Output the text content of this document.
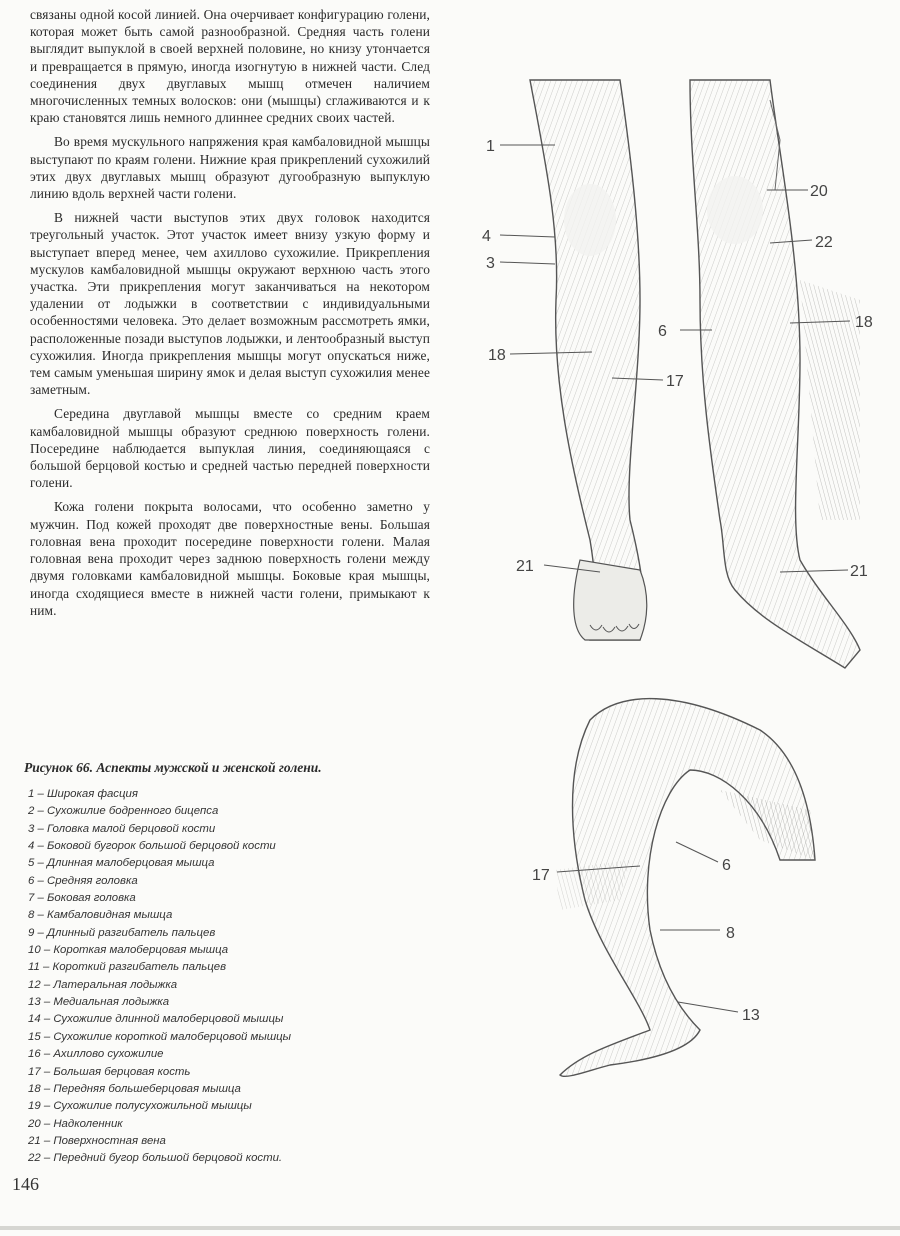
связаны одной косой линией. Она очерчивает конфигурацию голени, которая может быть самой разнообразной. Средняя часть голени выглядит выпуклой в своей верхней половине, но книзу утончается и превращается в прямую, иногда изогнутую в нижней части. След соединения двух двуглавых мышц отмечен наличием многочисленных темных волосков: они (мышцы) сглаживаются и к краю становятся лишь немного длиннее средних своих частей.

Во время мускульного напряжения края камбаловидной мышцы выступают по краям голени. Нижние края прикреплений сухожилий этих двух двуглавых мышц образуют дугообразную выпуклую линию вдоль верхней части голени.

В нижней части выступов этих двух головок находится треугольный участок. Этот участок имеет внизу узкую форму и выступает вперед менее, чем ахиллово сухожилие. Прикрепления мускулов камбаловидной мышцы окружают верхнюю часть этого участка. Эти прикрепления могут заканчиваться на некотором удалении от лодыжки в соответствии с индивидуальными особенностями человека. Это делает возможным рассмотреть ямки, расположенные позади выступов лодыжки, и лентообразный выступ сухожилия. Иногда прикрепления мышцы могут опускаться ниже, тем самым уменьшая ширину ямок и делая выступ сухожилия менее заметным.

Середина двуглавой мышцы вместе со средним краем камбаловидной мышцы образуют среднюю поверхность голени. Посередине наблюдается выпуклая линия, соединяющаяся с большой берцовой костью и средней частью передней поверхности голени.

Кожа голени покрыта волосами, что особенно заметно у мужчин. Под кожей проходят две поверхностные вены. Большая головная вена проходит посередине поверхности голени. Малая головная вена проходит через заднюю поверхность голени между двумя головками камбаловидной мышцы. Боковые края мышцы, иногда сходящиеся вместе в нижней части голени, примыкают к ним.

1
4
3
18
17
21
20
22
6
18
21
17
6
8
13
Рисунок 66. Аспекты мужской и женской голени.
1 – Широкая фасция
2 – Сухожилие бодренного бицепса
3 – Головка малой берцовой кости
4 – Боковой бугорок большой берцовой кости
5 – Длинная малоберцовая мышца
6 – Средняя головка
7 – Боковая головка
8 – Камбаловидная мышца
9 – Длинный разгибатель пальцев
10 – Короткая малоберцовая мышца
11 – Короткий разгибатель пальцев
12 – Латеральная лодыжка
13 – Медиальная лодыжка
14 – Сухожилие длинной малоберцовой мышцы
15 – Сухожилие короткой малоберцовой мышцы
16 – Ахиллово сухожилие
17 – Большая берцовая кость
18 – Передняя большеберцовая мышца
19 – Сухожилие полусухожильной мышцы
20 – Надколенник
21 – Поверхностная вена
22 – Передний бугор большой берцовой кости.
146
